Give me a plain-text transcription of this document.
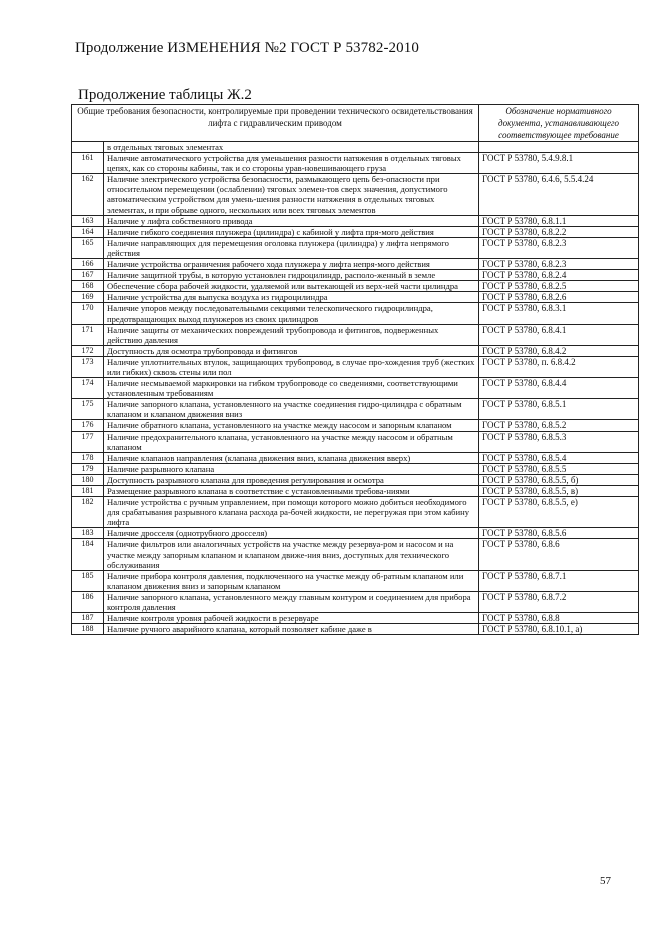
Продолжение ИЗМЕНЕНИЯ №2 ГОСТ Р 53782-2010
Продолжение таблицы Ж.2
Общие требования безопасности, контролируемые при проведении технического освидетельствования лифта с гидравлическим приводом		Обозначение нормативного документа, устанавливающего соответствующее требование
	в отдельных тяговых элементах	
161	Наличие автоматического устройства для уменьшения разности натяжения в отдельных тяговых цепях, как со стороны кабины, так и со стороны урав-новешивающего груза	ГОСТ Р 53780, 5.4.9.8.1
162	Наличие электрического устройства безопасности, размыкающего цепь без-опасности при относительном перемещении (ослаблении) тяговых элемен-тов сверх значения, допустимого автоматическим устройством для умень-шения разности натяжения в отдельных тяговых элементах, и при обрыве одного, нескольких или всех тяговых элементов	ГОСТ Р 53780, 6.4.6, 5.5.4.24
163	Наличие у лифта собственного привода	ГОСТ Р 53780, 6.8.1.1
164	Наличие гибкого соединения плунжера (цилиндра) с кабиной у лифта пря-мого действия	ГОСТ Р 53780, 6.8.2.2
165	Наличие направляющих для перемещения оголовка плунжера (цилиндра) у лифта непрямого действия	ГОСТ Р 53780, 6.8.2.3
166	Наличие устройства ограничения рабочего хода плунжера у лифта непря-мого действия	ГОСТ Р 53780, 6.8.2.3
167	Наличие защитной трубы, в которую установлен гидроцилиндр, располо-женный в земле	ГОСТ Р 53780, 6.8.2.4
168	Обеспечение сбора рабочей жидкости, удаляемой или вытекающей из верх-ней части цилиндра	ГОСТ Р 53780, 6.8.2.5
169	Наличие устройства для выпуска воздуха из гидроцилиндра	ГОСТ Р 53780, 6.8.2.6
170	Наличие упоров между последовательными секциями телескопического гидроцилиндра, предотвращающих выход плунжеров из своих цилиндров	ГОСТ Р 53780, 6.8.3.1
171	Наличие защиты от механических повреждений трубопровода и фитингов, подверженных действию давления	ГОСТ Р 53780, 6.8.4.1
172	Доступность для осмотра трубопровода и фитингов	ГОСТ Р 53780, 6.8.4.2
173	Наличие уплотнительных втулок, защищающих трубопровод, в случае про-хождения труб (жестких или гибких) сквозь стены или пол	ГОСТ Р 53780, п. 6.8.4.2
174	Наличие несмываемой маркировки на гибком трубопроводе со сведениями, соответствующими установленным требованиям	ГОСТ Р 53780, 6.8.4.4
175	Наличие запорного клапана, установленного на участке соединения гидро-цилиндра с обратным клапаном и клапаном движения вниз	ГОСТ Р 53780, 6.8.5.1
176	Наличие обратного клапана, установленного на участке между насосом и запорным клапаном	ГОСТ Р 53780, 6.8.5.2
177	Наличие предохранительного клапана, установленного на участке между насосом и обратным клапаном	ГОСТ Р 53780, 6.8.5.3
178	Наличие клапанов направления (клапана движения вниз, клапана движения вверх)	ГОСТ Р 53780, 6.8.5.4
179	Наличие разрывного клапана	ГОСТ Р 53780, 6.8.5.5
180	Доступность разрывного клапана для проведения регулирования и осмотра	ГОСТ Р 53780, 6.8.5.5, б)
181	Размещение разрывного клапана в соответствие с установленными требова-ниями	ГОСТ Р 53780, 6.8.5.5, в)
182	Наличие устройства с ручным управлением, при помощи которого можно добиться необходимого для срабатывания разрывного клапана расхода ра-бочей жидкости, не перегружая при этом кабину лифта	ГОСТ Р 53780, 6.8.5.5, е)
183	Наличие дросселя (однотрубного дросселя)	ГОСТ Р 53780, 6.8.5.6
184	Наличие фильтров или аналогичных устройств на участке между резервуа-ром и насосом и на участке между запорным клапаном и клапаном движе-ния вниз, доступных для технического обслуживания	ГОСТ Р 53780, 6.8.6
185	Наличие прибора контроля давления, подключенного на участке между об-ратным клапаном или клапаном движения вниз и запорным клапаном	ГОСТ Р 53780, 6.8.7.1
186	Наличие запорного клапана, установленного между главным контуром и соединением для прибора контроля давления	ГОСТ Р 53780, 6.8.7.2
187	Наличие контроля уровня рабочей жидкости в резервуаре	ГОСТ Р 53780, 6.8.8
188	Наличие ручного аварийного клапана, который позволяет кабине даже в	ГОСТ Р 53780, 6.8.10.1, а)
57
